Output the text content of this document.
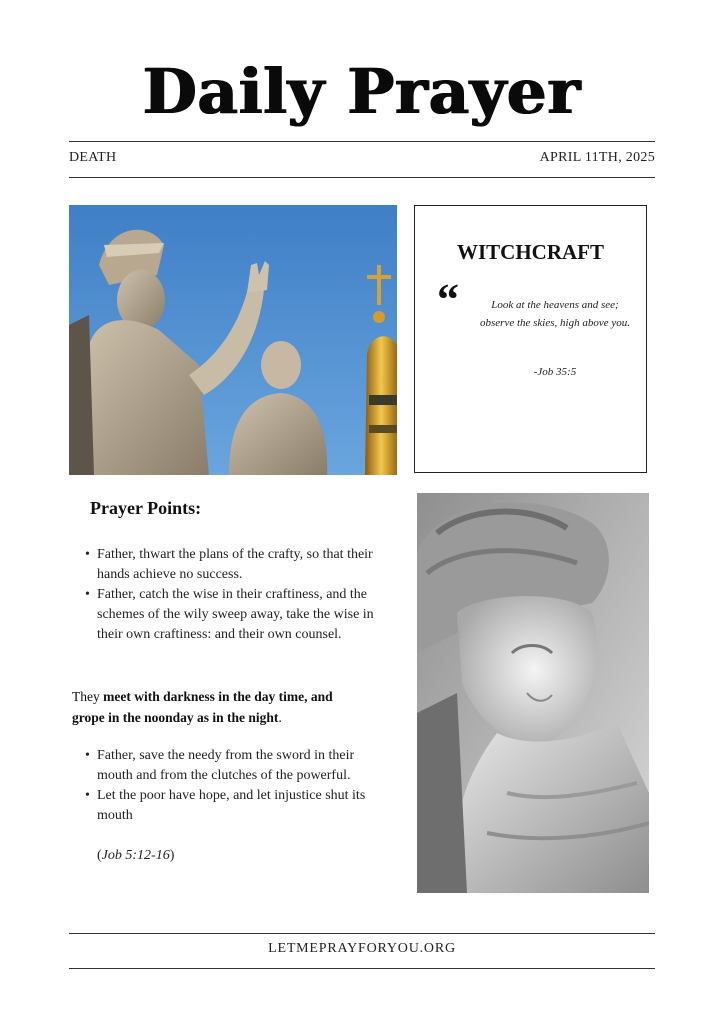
Daily Prayer
DEATH	APRIL 11TH, 2025
WITCHCRAFT
“	Look at the heavens and see; observe the skies, high above you.
-Job 35:5
Prayer Points:
• Father, thwart the plans of the crafty, so that their hands achieve no success.
• Father, catch the wise in their craftiness, and the schemes of the wily sweep away, take the wise in their own craftiness: and their own counsel.
They meet with darkness in the day time, and grope in the noonday as in the night.
• Father, save the needy from the sword in their mouth and from the clutches of the powerful.
• Let the poor have hope, and let injustice shut its mouth
(Job 5:12-16)
LETMEPRAYFORYOU.ORG
